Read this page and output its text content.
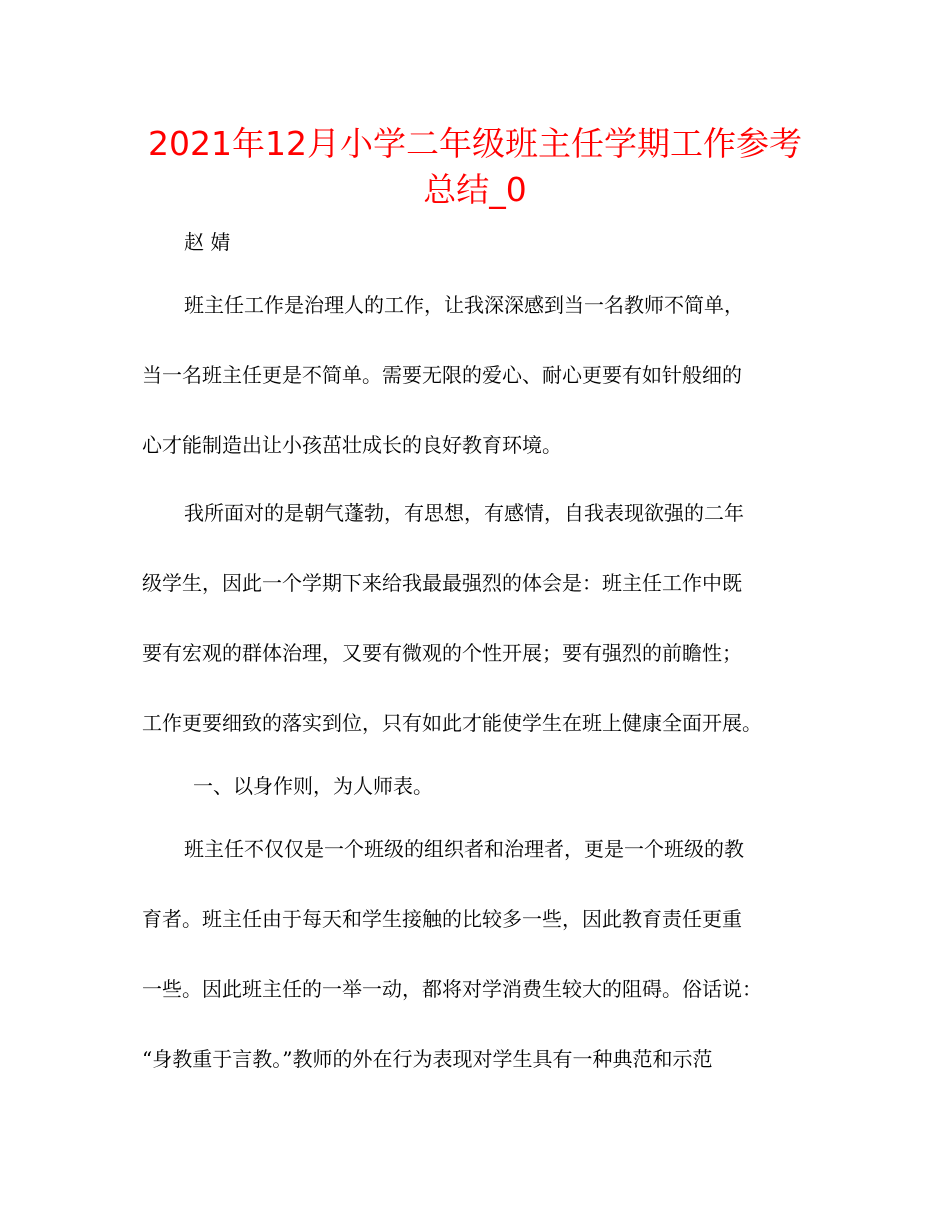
2021年12月小学二年级班主任学期工作参考
总结_0
赵 婧
班主任工作是治理人的工作，让我深深感到当一名教师不简单，
当一名班主任更是不简单。需要无限的爱心、耐心更要有如针般细的
心才能制造出让小孩茁壮成长的良好教育环境。
我所面对的是朝气蓬勃，有思想，有感情，自我表现欲强的二年
级学生，因此一个学期下来给我最最强烈的体会是：班主任工作中既
要有宏观的群体治理，又要有微观的个性开展；要有强烈的前瞻性；
工作更要细致的落实到位，只有如此才能使学生在班上健康全面开展。
一、以身作则，为人师表。
班主任不仅仅是一个班级的组织者和治理者，更是一个班级的教
育者。班主任由于每天和学生接触的比较多一些，因此教育责任更重
一些。因此班主任的一举一动，都将对学消费生较大的阻碍。俗话说：
“身教重于言教。”教师的外在行为表现对学生具有一种典范和示范
